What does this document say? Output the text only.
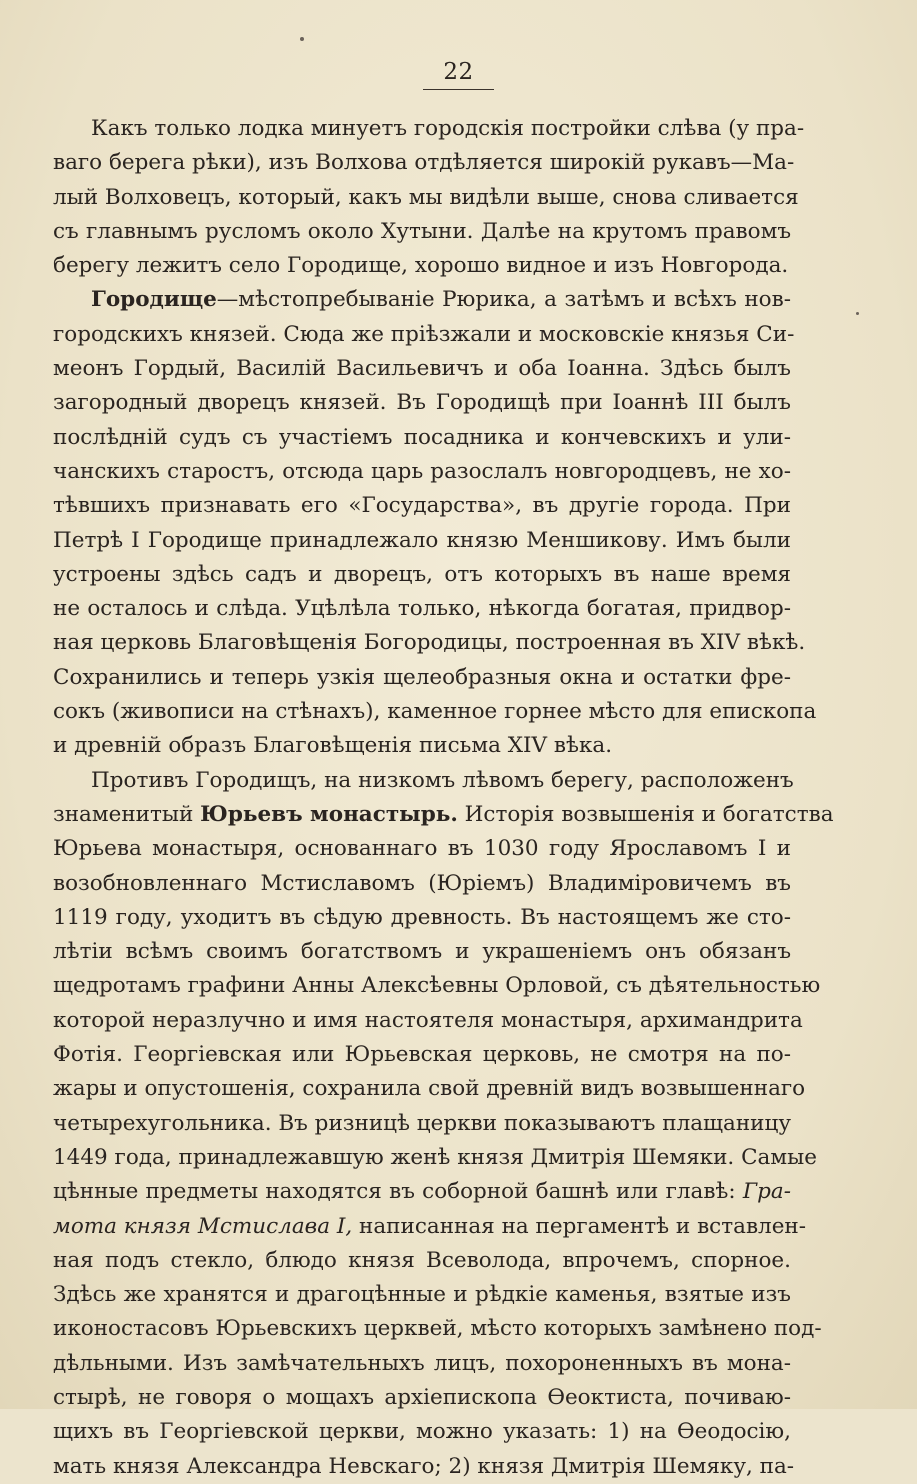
22
Какъ только лодка минуетъ городскія постройки слѣва (у пра-
ваго берега рѣки), изъ Волхова отдѣляется широкій рукавъ—Ма-
лый Волховецъ, который, какъ мы видѣли выше, снова сливается
съ главнымъ русломъ около Хутыни. Далѣе на крутомъ правомъ
берегу лежитъ село Городище, хорошо видное и изъ Новгорода.
Городище—мѣстопребываніе Рюрика, а затѣмъ и всѣхъ нов-
городскихъ князей. Сюда же пріѣзжали и московскіе князья Си-
меонъ Гордый, Василій Васильевичъ и оба Іоанна. Здѣсь былъ
загородный дворецъ князей. Въ Городищѣ при Іоаннѣ III былъ
послѣдній судъ съ участіемъ посадника и кончевскихъ и ули-
чанскихъ старостъ, отсюда царь разослалъ новгородцевъ, не хо-
тѣвшихъ признавать его «Государства», въ другіе города. При
Петрѣ I Городище принадлежало князю Меншикову. Имъ были
устроены здѣсь садъ и дворецъ, отъ которыхъ въ наше время
не осталось и слѣда. Уцѣлѣла только, нѣкогда богатая, придвор-
ная церковь Благовѣщенія Богородицы, построенная въ XIV вѣкѣ.
Сохранились и теперь узкія щелеобразныя окна и остатки фре-
сокъ (живописи на стѣнахъ), каменное горнее мѣсто для епископа
и древній образъ Благовѣщенія письма XIV вѣка.
Противъ Городищъ, на низкомъ лѣвомъ берегу, расположенъ
знаменитый Юрьевъ монастырь. Исторія возвышенія и богатства
Юрьева монастыря, основаннаго въ 1030 году Ярославомъ I и
возобновленнаго Мстиславомъ (Юріемъ) Владиміровичемъ въ
1119 году, уходитъ въ сѣдую древность. Въ настоящемъ же сто-
лѣтіи всѣмъ своимъ богатствомъ и украшеніемъ онъ обязанъ
щедротамъ графини Анны Алексѣевны Орловой, съ дѣятельностью
которой неразлучно и имя настоятеля монастыря, архимандрита
Фотія. Георгіевская или Юрьевская церковь, не смотря на по-
жары и опустошенія, сохранила свой древній видъ возвышеннаго
четырехугольника. Въ ризницѣ церкви показываютъ плащаницу
1449 года, принадлежавшую женѣ князя Дмитрія Шемяки. Самые
цѣнные предметы находятся въ соборной башнѣ или главѣ: Гра-
мота князя Мстислава I, написанная на пергаментѣ и вставлен-
ная подъ стекло, блюдо князя Всеволода, впрочемъ, спорное.
Здѣсь же хранятся и драгоцѣнные и рѣдкіе каменья, взятые изъ
иконостасовъ Юрьевскихъ церквей, мѣсто которыхъ замѣнено под-
дѣльными. Изъ замѣчательныхъ лицъ, похороненныхъ въ мона-
стырѣ, не говоря о мощахъ архіепископа Ѳеоктиста, почиваю-
щихъ въ Георгіевской церкви, можно указать: 1) на Ѳеодосію,
мать князя Александра Невскаго; 2) князя Дмитрія Шемяку, па-
